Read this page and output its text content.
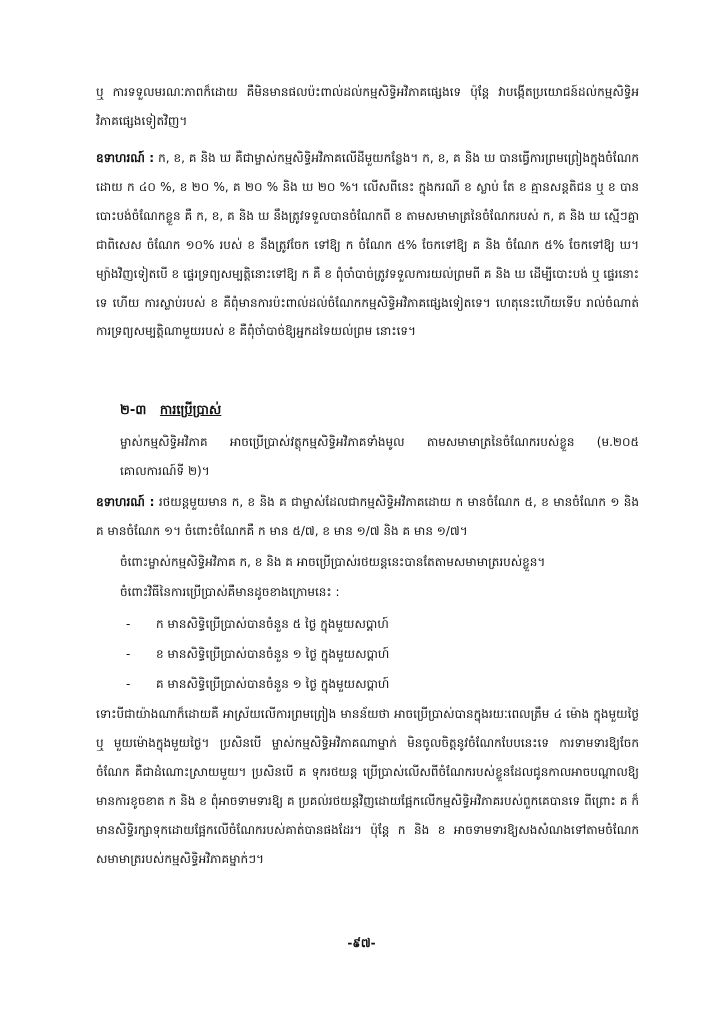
ឬ ការទទួលមរណៈភាពក៏ដោយ គឺមិនមានផលប៉ះពាល់ដល់កម្មសិទ្ធិអវិភាគផ្សេងទេ ប៉ុន្តែ វាបង្កើតប្រយោជន៍ដល់កម្មសិទ្ធិអវិភាគផ្សេងទៀតវិញ។
ឧទាហរណ៍ : ក, ខ, គ និង ឃ គឺជាម្ចាស់កម្មសិទ្ធិអវិភាគលើដីមួយកន្លែង។ ក, ខ, គ និង ឃ បានធ្វើការព្រមព្រៀងក្នុងចំណែកដោយ ក ៤០ %, ខ ២០ %, គ ២០ % និង ឃ ២០ %។ លើសពីនេះ ក្នុងករណី ខ ស្លាប់ តែ ខ គ្មានសន្តតិជន ឬ ខ បានបោះបង់ចំណែកខ្លួន គឺ ក, ខ, គ និង ឃ នឹងត្រូវទទួលបានចំណែកពី ខ តាមសមាមាត្រនៃចំណែករបស់ ក, គ និង ឃ ស្មើៗគ្នា ជាពិសេស ចំណែក ១០% របស់ ខ នឹងត្រូវចែក ទៅឱ្យ ក ចំណែក ៥% ចែកទៅឱ្យ គ និង ចំណែក ៥% ចែកទៅឱ្យ ឃ។ ម្យ៉ាងវិញទៀតបើ ខ ផ្ទេរទ្រព្យសម្បត្តិនោះទៅឱ្យ ក គឺ ខ ពុំចាំបាច់ត្រូវទទួលការយល់ព្រមពី គ និង ឃ ដើម្បីបោះបង់ ឬ ផ្ទេរនោះទេ ហើយ ការស្លាប់របស់ ខ គឺពុំមានការប៉ះពាល់ដល់ចំណែកកម្មសិទ្ធិអវិភាគផ្សេងទៀតទេ។ ហេតុនេះហើយទើប រាល់ចំណាត់ការទ្រព្យសម្បត្តិណាមួយរបស់ ខ គឺពុំចាំបាច់ឱ្យអ្នកដទៃយល់ព្រម នោះទេ។
២-៣ ការប្រើប្រាស់
ម្ចាស់កម្មសិទ្ធិអវិភាគ អាចប្រើប្រាស់វត្ថុកម្មសិទ្ធិអវិភាគទាំងមូល តាមសមាមាត្រនៃចំណែករបស់ខ្លួន (ម.២០៥ គោលការណ៍ទី ២)។
ឧទាហរណ៍ : រថយន្តមួយមាន ក, ខ និង គ ជាម្ចាស់ដែលជាកម្មសិទ្ធិអវិភាគដោយ ក មានចំណែក ៥, ខ មានចំណែក ១ និង គ មានចំណែក ១។ ចំពោះចំណែកគឺ ក មាន ៥/៧, ខ មាន ១/៧ និង គ មាន ១/៧។
ចំពោះម្ចាស់កម្មសិទ្ធិអវិភាគ ក, ខ និង គ អាចប្រើប្រាស់រថយន្តនេះបានតែតាមសមាមាត្ររបស់ខ្លួន។
ចំពោះវិធីនៃការប្រើប្រាស់គឺមានដូចខាងក្រោមនេះ :
- ក មានសិទ្ធិប្រើប្រាស់បានចំនួន ៥ ថ្ងៃ ក្នុងមួយសប្តាហ៍
- ខ មានសិទ្ធិប្រើប្រាស់បានចំនួន ១ ថ្ងៃ ក្នុងមួយសប្តាហ៍
- គ មានសិទ្ធិប្រើប្រាស់បានចំនួន ១ ថ្ងៃ ក្នុងមួយសប្តាហ៍
ទោះបីជាយ៉ាងណាក៏ដោយគឺ អាស្រ័យលើការព្រមព្រៀង មានន័យថា អាចប្រើប្រាស់បានក្នុងរយៈពេលត្រឹម ៤ ម៉ោង ក្នុងមួយថ្ងៃ ឬ មួយម៉ោងក្នុងមួយថ្ងៃ។ ប្រសិនបើ ម្ចាស់កម្មសិទ្ធិអវិភាគណាម្នាក់ មិនចូលចិត្តនូវចំណែកបែបនេះទេ ការទាមទារឱ្យចែកចំណែក គឺជាដំណោះស្រាយមួយ។ ប្រសិនបើ គ ទុករថយន្ត ប្រើប្រាស់លើសពីចំណែករបស់ខ្លួនដែលជូនកាលអាចបណ្តាលឱ្យមានការខូចខាត ក និង ខ ពុំអាចទាមទារឱ្យ គ ប្រគល់រថយន្តវិញដោយផ្អែកលើកម្មសិទ្ធិអវិភាគរបស់ពួកគេបានទេ ពីព្រោះ គ ក៏មានសិទ្ធិរក្សាទុកដោយផ្អែកលើចំណែករបស់គាត់បានផងដែរ។ ប៉ុន្តែ ក និង ខ អាចទាមទារឱ្យសងសំណងទៅតាមចំណែកសមាមាត្ររបស់កម្មសិទ្ធិអវិភាគម្នាក់ៗ។
-៩៧-
